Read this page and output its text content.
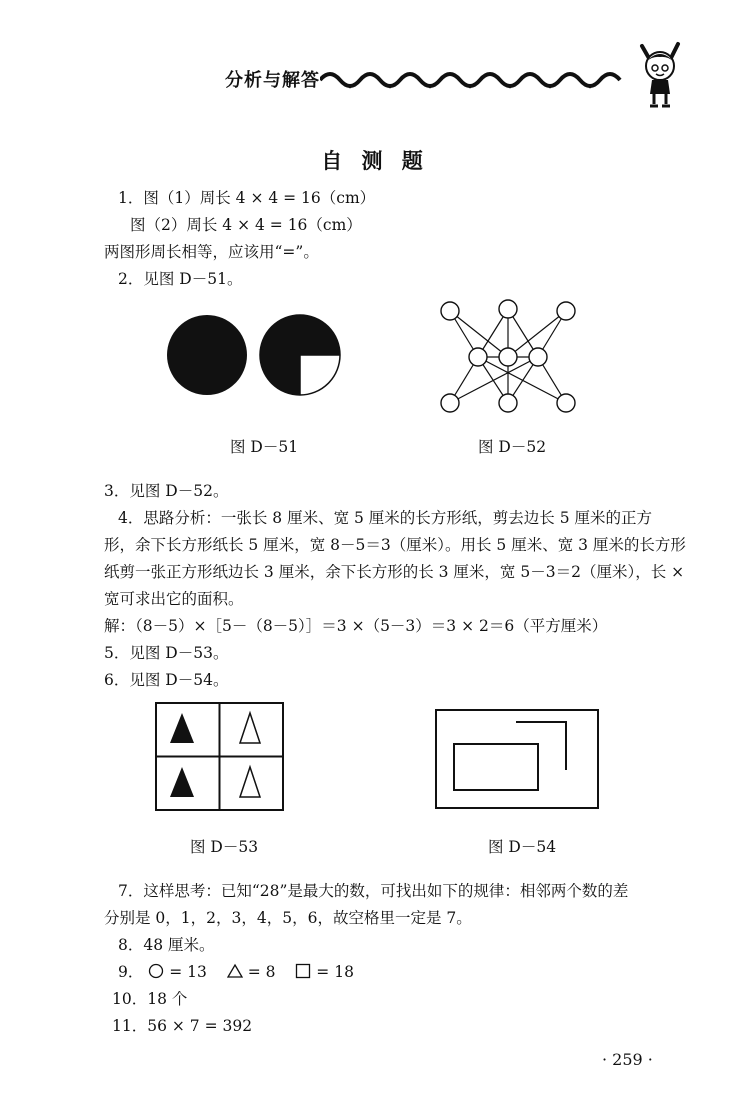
分析与解答
自 测 题
1．图（1）周长 4 × 4 = 16（cm）
图（2）周长 4 × 4 = 16（cm）
两图形周长相等，应该用“=”。
2．见图 D－51。
图 D－51	图 D－52
3．见图 D－52。
4．思路分析：一张长 8 厘米、宽 5 厘米的长方形纸，剪去边长 5 厘米的正方
形，余下长方形纸长 5 厘米，宽 8－5＝3（厘米）。用长 5 厘米、宽 3 厘米的长方形
纸剪一张正方形纸边长 3 厘米，余下长方形的长 3 厘米，宽 5－3＝2（厘米），长 ×
宽可求出它的面积。
解：（8－5）×［5－（8－5）］＝3 ×（5－3）＝3 × 2＝6（平方厘米）
5．见图 D－53。
6．见图 D－54。
图 D－53	图 D－54
7．这样思考：已知“28”是最大的数，可找出如下的规律：相邻两个数的差
分别是 0，1，2，3，4，5，6，故空格里一定是 7。
8．48 厘米。
9． = 13	= 8	= 18
10．18 个
11．56 × 7 = 392
· 259 ·
